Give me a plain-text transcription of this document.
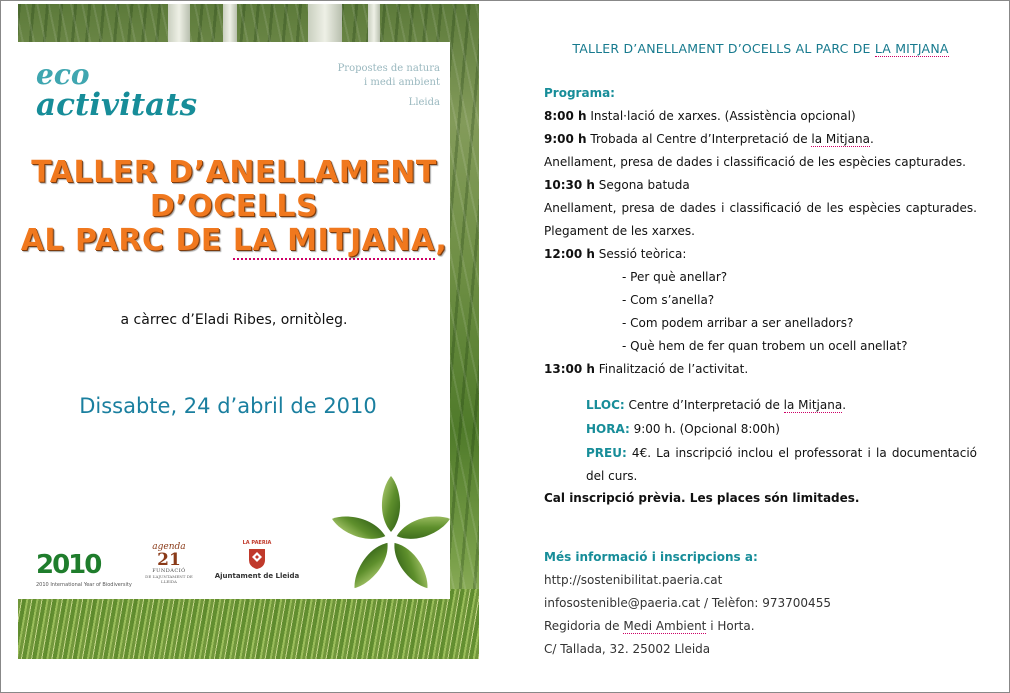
eco
activitats
Propostes de natura
i medi ambient
Lleida
TALLER D’ANELLAMENT
D’OCELLS
AL PARC DE LA MITJANA,
a càrrec d’Eladi Ribes, ornitòleg.
Dissabte, 24 d’abril de 2010
2010
2010 International Year of Biodiversity
agenda
21
FUNDACIÓ
DE L’AJUNTAMENT DE LLEIDA
LA PAERIA
Ajuntament de Lleida
TALLER D’ANELLAMENT D’OCELLS AL PARC DE LA MITJANA
Programa:
8:00 h Instal·lació de xarxes. (Assistència opcional)
9:00 h Trobada al Centre d’Interpretació de la Mitjana.
Anellament, presa de dades i classificació de les espècies capturades.
10:30 h Segona batuda
Anellament, presa de dades i classificació de les espècies capturades.
Plegament de les xarxes.
12:00 h Sessió teòrica:
- Per què anellar?
- Com s’anella?
- Com podem arribar a ser anelladors?
- Què hem de fer quan trobem un ocell anellat?
13:00 h Finalització de l’activitat.
LLOC: Centre d’Interpretació de la Mitjana.
HORA: 9:00 h. (Opcional 8:00h)
PREU: 4€. La inscripció inclou el professorat i la documentació
del curs.
Cal inscripció prèvia. Les places són limitades.
Més informació i inscripcions a:
http://sostenibilitat.paeria.cat
infosostenible@paeria.cat / Telèfon: 973700455
Regidoria de Medi Ambient i Horta.
C/ Tallada, 32. 25002 Lleida
